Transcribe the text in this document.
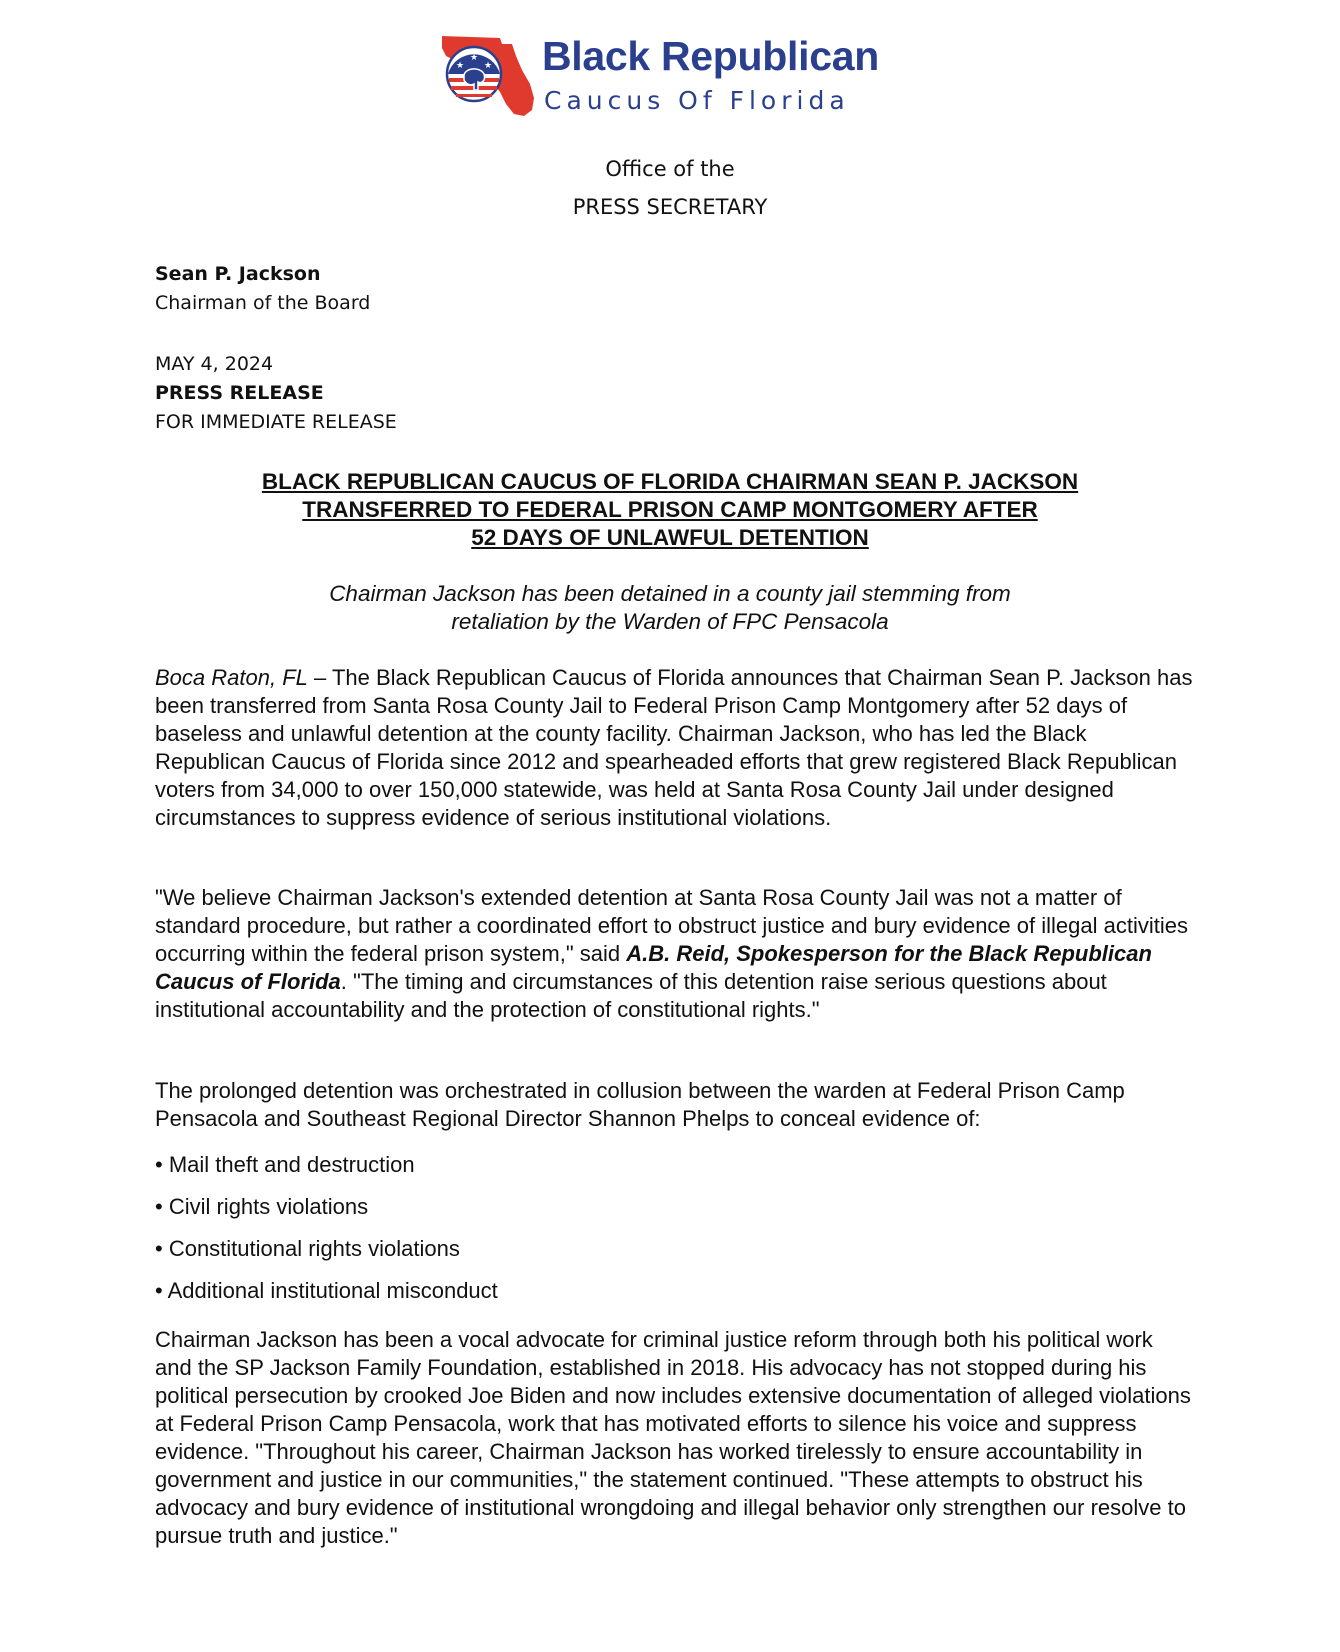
★
★
★ Black Republican
Caucus Of Florida
Office of the
PRESS SECRETARY
Sean P. Jackson
Chairman of the Board
MAY 4, 2024
PRESS RELEASE
FOR IMMEDIATE RELEASE
BLACK REPUBLICAN CAUCUS OF FLORIDA CHAIRMAN SEAN P. JACKSON
TRANSFERRED TO FEDERAL PRISON CAMP MONTGOMERY AFTER
52 DAYS OF UNLAWFUL DETENTION
Chairman Jackson has been detained in a county jail stemming from
retaliation by the Warden of FPC Pensacola
Boca Raton, FL – The Black Republican Caucus of Florida announces that Chairman Sean P. Jackson has been transferred from Santa Rosa County Jail to Federal Prison Camp Montgomery after 52 days of baseless and unlawful detention at the county facility. Chairman Jackson, who has led the Black Republican Caucus of Florida since 2012 and spearheaded efforts that grew registered Black Republican voters from 34,000 to over 150,000 statewide, was held at Santa Rosa County Jail under designed circumstances to suppress evidence of serious institutional violations.
"We believe Chairman Jackson's extended detention at Santa Rosa County Jail was not a matter of standard procedure, but rather a coordinated effort to obstruct justice and bury evidence of illegal activities occurring within the federal prison system," said A.B. Reid, Spokesperson for the Black Republican Caucus of Florida. "The timing and circumstances of this detention raise serious questions about institutional accountability and the protection of constitutional rights."
The prolonged detention was orchestrated in collusion between the warden at Federal Prison Camp Pensacola and Southeast Regional Director Shannon Phelps to conceal evidence of:
• Mail theft and destruction
• Civil rights violations
• Constitutional rights violations
• Additional institutional misconduct
Chairman Jackson has been a vocal advocate for criminal justice reform through both his political work and the SP Jackson Family Foundation, established in 2018. His advocacy has not stopped during his political persecution by crooked Joe Biden and now includes extensive documentation of alleged violations at Federal Prison Camp Pensacola, work that has motivated efforts to silence his voice and suppress evidence. "Throughout his career, Chairman Jackson has worked tirelessly to ensure accountability in government and justice in our communities," the statement continued. "These attempts to obstruct his advocacy and bury evidence of institutional wrongdoing and illegal behavior only strengthen our resolve to pursue truth and justice."
